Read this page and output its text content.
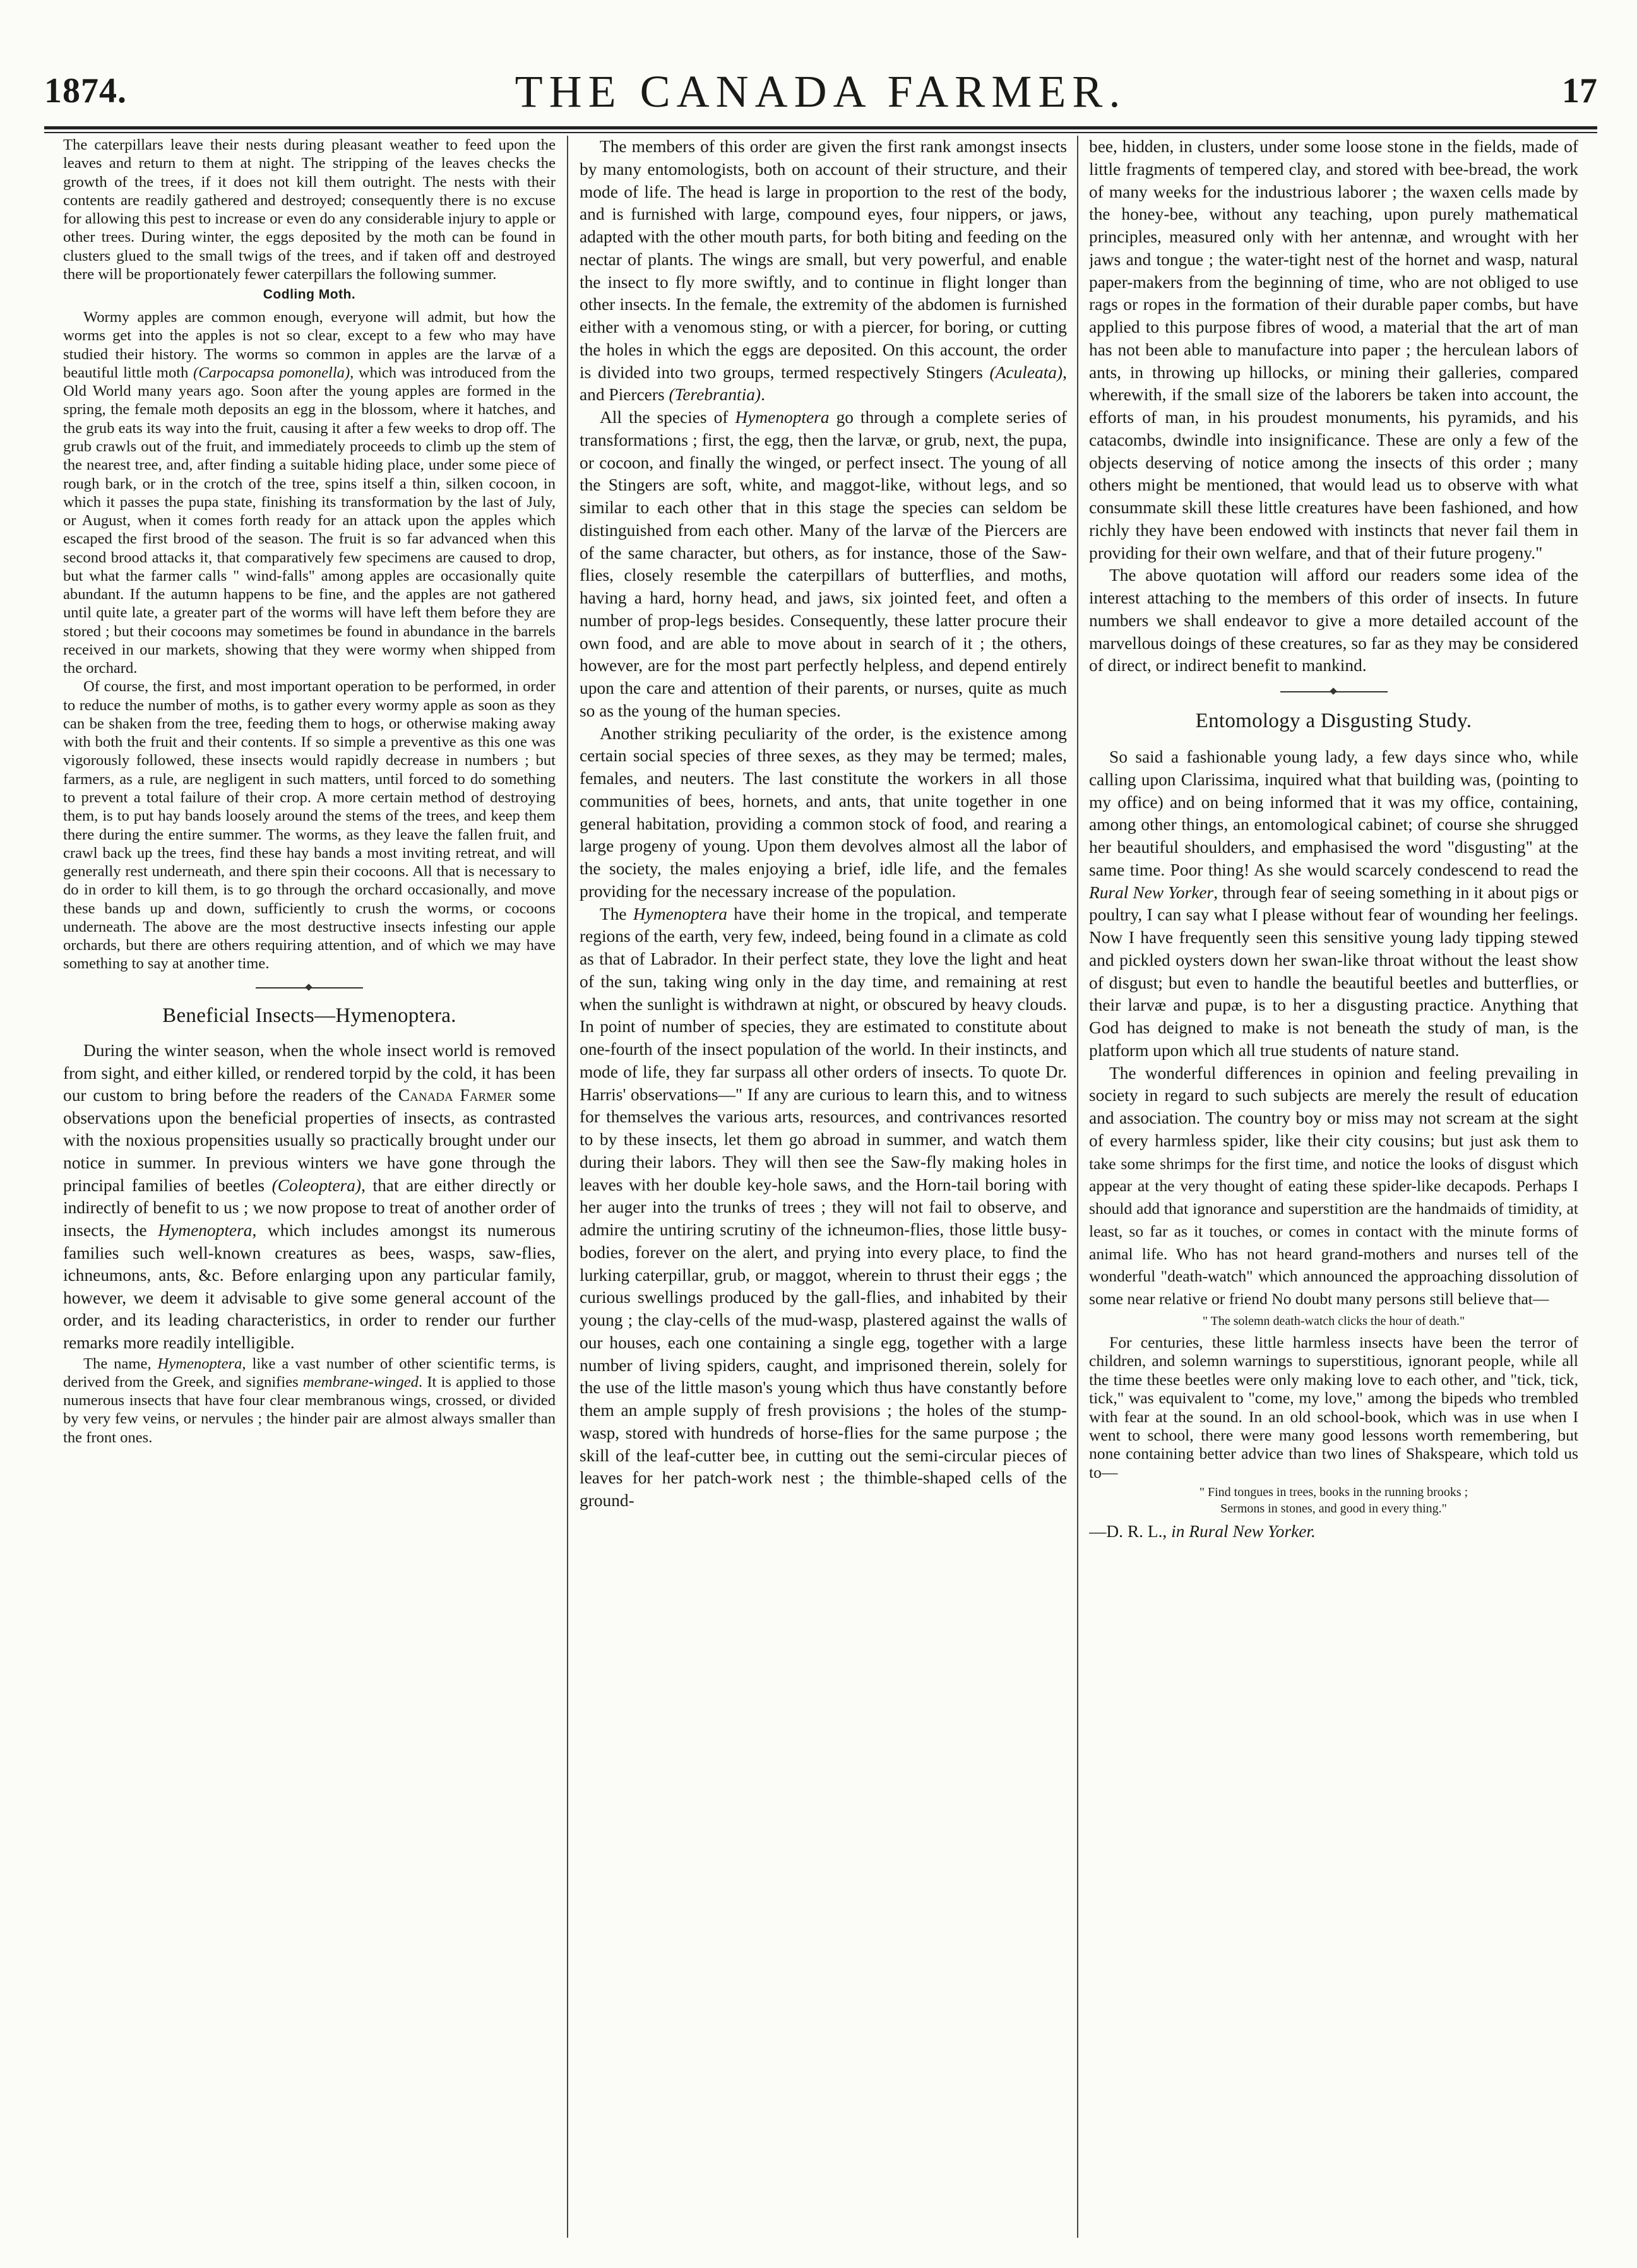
1874.	THE CANADA FARMER.	17

The caterpillars leave their nests during pleasant weather to feed upon the leaves and return to them at night. The stripping of the leaves checks the growth of the trees, if it does not kill them outright. The nests with their contents are readily gathered and destroyed; consequently there is no excuse for allowing this pest to increase or even do any considerable injury to apple or other trees. During winter, the eggs deposited by the moth can be found in clusters glued to the small twigs of the trees, and if taken off and destroyed there will be proportionately fewer caterpillars the following summer.

Codling Moth.

Wormy apples are common enough, everyone will admit, but how the worms get into the apples is not so clear, except to a few who may have studied their history. The worms so common in apples are the larvæ of a beautiful little moth (Carpocapsa pomonella), which was introduced from the Old World many years ago. Soon after the young apples are formed in the spring, the female moth deposits an egg in the blossom, where it hatches, and the grub eats its way into the fruit, causing it after a few weeks to drop off. The grub crawls out of the fruit, and immediately proceeds to climb up the stem of the nearest tree, and, after finding a suitable hiding place, under some piece of rough bark, or in the crotch of the tree, spins itself a thin, silken cocoon, in which it passes the pupa state, finishing its transformation by the last of July, or August, when it comes forth ready for an attack upon the apples which escaped the first brood of the season. The fruit is so far advanced when this second brood attacks it, that comparatively few specimens are caused to drop, but what the farmer calls " wind-falls" among apples are occasionally quite abundant. If the autumn happens to be fine, and the apples are not gathered until quite late, a greater part of the worms will have left them before they are stored ; but their cocoons may sometimes be found in abundance in the barrels received in our markets, showing that they were wormy when shipped from the orchard.

Of course, the first, and most important operation to be performed, in order to reduce the number of moths, is to gather every wormy apple as soon as they can be shaken from the tree, feeding them to hogs, or otherwise making away with both the fruit and their contents. If so simple a preventive as this one was vigorously followed, these insects would rapidly decrease in numbers ; but farmers, as a rule, are negligent in such matters, until forced to do something to prevent a total failure of their crop. A more certain method of destroying them, is to put hay bands loosely around the stems of the trees, and keep them there during the entire summer. The worms, as they leave the fallen fruit, and crawl back up the trees, find these hay bands a most inviting retreat, and will generally rest underneath, and there spin their cocoons. All that is necessary to do in order to kill them, is to go through the orchard occasionally, and move these bands up and down, sufficiently to crush the worms, or cocoons underneath. The above are the most destructive insects infesting our apple orchards, but there are others requiring attention, and of which we may have something to say at another time.

Beneficial Insects—Hymenoptera.

During the winter season, when the whole insect world is removed from sight, and either killed, or rendered torpid by the cold, it has been our custom to bring before the readers of the Canada Farmer some observations upon the beneficial properties of insects, as contrasted with the noxious propensities usually so practically brought under our notice in summer. In previous winters we have gone through the principal families of beetles (Coleoptera), that are either directly or indirectly of benefit to us ; we now propose to treat of another order of insects, the Hymenoptera, which includes amongst its numerous families such well-known creatures as bees, wasps, saw-flies, ichneumons, ants, &c. Before enlarging upon any particular family, however, we deem it advisable to give some general account of the order, and its leading characteristics, in order to render our further remarks more readily intelligible.

The name, Hymenoptera, like a vast number of other scientific terms, is derived from the Greek, and signifies membrane-winged. It is applied to those numerous insects that have four clear membranous wings, crossed, or divided by very few veins, or nervules ; the hinder pair are almost always smaller than the front ones.

The members of this order are given the first rank amongst insects by many entomologists, both on account of their structure, and their mode of life. The head is large in proportion to the rest of the body, and is furnished with large, compound eyes, four nippers, or jaws, adapted with the other mouth parts, for both biting and feeding on the nectar of plants. The wings are small, but very powerful, and enable the insect to fly more swiftly, and to continue in flight longer than other insects. In the female, the extremity of the abdomen is furnished either with a venomous sting, or with a piercer, for boring, or cutting the holes in which the eggs are deposited. On this account, the order is divided into two groups, termed respectively Stingers (Aculeata), and Piercers (Terebrantia).

All the species of Hymenoptera go through a complete series of transformations ; first, the egg, then the larvæ, or grub, next, the pupa, or cocoon, and finally the winged, or perfect insect. The young of all the Stingers are soft, white, and maggot-like, without legs, and so similar to each other that in this stage the species can seldom be distinguished from each other. Many of the larvæ of the Piercers are of the same character, but others, as for instance, those of the Saw-flies, closely resemble the caterpillars of butterflies, and moths, having a hard, horny head, and jaws, six jointed feet, and often a number of prop-legs besides. Consequently, these latter procure their own food, and are able to move about in search of it ; the others, however, are for the most part perfectly helpless, and depend entirely upon the care and attention of their parents, or nurses, quite as much so as the young of the human species.

Another striking peculiarity of the order, is the existence among certain social species of three sexes, as they may be termed; males, females, and neuters. The last constitute the workers in all those communities of bees, hornets, and ants, that unite together in one general habitation, providing a common stock of food, and rearing a large progeny of young. Upon them devolves almost all the labor of the society, the males enjoying a brief, idle life, and the females providing for the necessary increase of the population.

The Hymenoptera have their home in the tropical, and temperate regions of the earth, very few, indeed, being found in a climate as cold as that of Labrador. In their perfect state, they love the light and heat of the sun, taking wing only in the day time, and remaining at rest when the sunlight is withdrawn at night, or obscured by heavy clouds. In point of number of species, they are estimated to constitute about one-fourth of the insect population of the world. In their instincts, and mode of life, they far surpass all other orders of insects. To quote Dr. Harris' observations—" If any are curious to learn this, and to witness for themselves the various arts, resources, and contrivances resorted to by these insects, let them go abroad in summer, and watch them during their labors. They will then see the Saw-fly making holes in leaves with her double key-hole saws, and the Horn-tail boring with her auger into the trunks of trees ; they will not fail to observe, and admire the untiring scrutiny of the ichneumon-flies, those little busy-bodies, forever on the alert, and prying into every place, to find the lurking caterpillar, grub, or maggot, wherein to thrust their eggs ; the curious swellings produced by the gall-flies, and inhabited by their young ; the clay-cells of the mud-wasp, plastered against the walls of our houses, each one containing a single egg, together with a large number of living spiders, caught, and imprisoned therein, solely for the use of the little mason's young which thus have constantly before them an ample supply of fresh provisions ; the holes of the stump-wasp, stored with hundreds of horse-flies for the same purpose ; the skill of the leaf-cutter bee, in cutting out the semi-circular pieces of leaves for her patch-work nest ; the thimble-shaped cells of the ground-

bee, hidden, in clusters, under some loose stone in the fields, made of little fragments of tempered clay, and stored with bee-bread, the work of many weeks for the industrious laborer ; the waxen cells made by the honey-bee, without any teaching, upon purely mathematical principles, measured only with her antennæ, and wrought with her jaws and tongue ; the water-tight nest of the hornet and wasp, natural paper-makers from the beginning of time, who are not obliged to use rags or ropes in the formation of their durable paper combs, but have applied to this purpose fibres of wood, a material that the art of man has not been able to manufacture into paper ; the herculean labors of ants, in throwing up hillocks, or mining their galleries, compared wherewith, if the small size of the laborers be taken into account, the efforts of man, in his proudest monuments, his pyramids, and his catacombs, dwindle into insignificance. These are only a few of the objects deserving of notice among the insects of this order ; many others might be mentioned, that would lead us to observe with what consummate skill these little creatures have been fashioned, and how richly they have been endowed with instincts that never fail them in providing for their own welfare, and that of their future progeny."

The above quotation will afford our readers some idea of the interest attaching to the members of this order of insects. In future numbers we shall endeavor to give a more detailed account of the marvellous doings of these creatures, so far as they may be considered of direct, or indirect benefit to mankind.

Entomology a Disgusting Study.

So said a fashionable young lady, a few days since who, while calling upon Clarissima, inquired what that building was, (pointing to my office) and on being informed that it was my office, containing, among other things, an entomological cabinet; of course she shrugged her beautiful shoulders, and emphasised the word "disgusting" at the same time. Poor thing! As she would scarcely condescend to read the Rural New Yorker, through fear of seeing something in it about pigs or poultry, I can say what I please without fear of wounding her feelings. Now I have frequently seen this sensitive young lady tipping stewed and pickled oysters down her swan-like throat without the least show of disgust; but even to handle the beautiful beetles and butterflies, or their larvæ and pupæ, is to her a disgusting practice. Anything that God has deigned to make is not beneath the study of man, is the platform upon which all true students of nature stand.

The wonderful differences in opinion and feeling prevailing in society in regard to such subjects are merely the result of education and association. The country boy or miss may not scream at the sight of every harmless spider, like their city cousins; but just ask them to take some shrimps for the first time, and notice the looks of disgust which appear at the very thought of eating these spider-like decapods. Perhaps I should add that ignorance and superstition are the handmaids of timidity, at least, so far as it touches, or comes in contact with the minute forms of animal life. Who has not heard grand-mothers and nurses tell of the wonderful "death-watch" which announced the approaching dissolution of some near relative or friend No doubt many persons still believe that—

" The solemn death-watch clicks the hour of death."

For centuries, these little harmless insects have been the terror of children, and solemn warnings to superstitious, ignorant people, while all the time these beetles were only making love to each other, and "tick, tick, tick," was equivalent to "come, my love," among the bipeds who trembled with fear at the sound. In an old school-book, which was in use when I went to school, there were many good lessons worth remembering, but none containing better advice than two lines of Shakspeare, which told us to—

" Find tongues in trees, books in the running brooks ;
Sermons in stones, and good in every thing."

—D. R. L., in Rural New Yorker.
